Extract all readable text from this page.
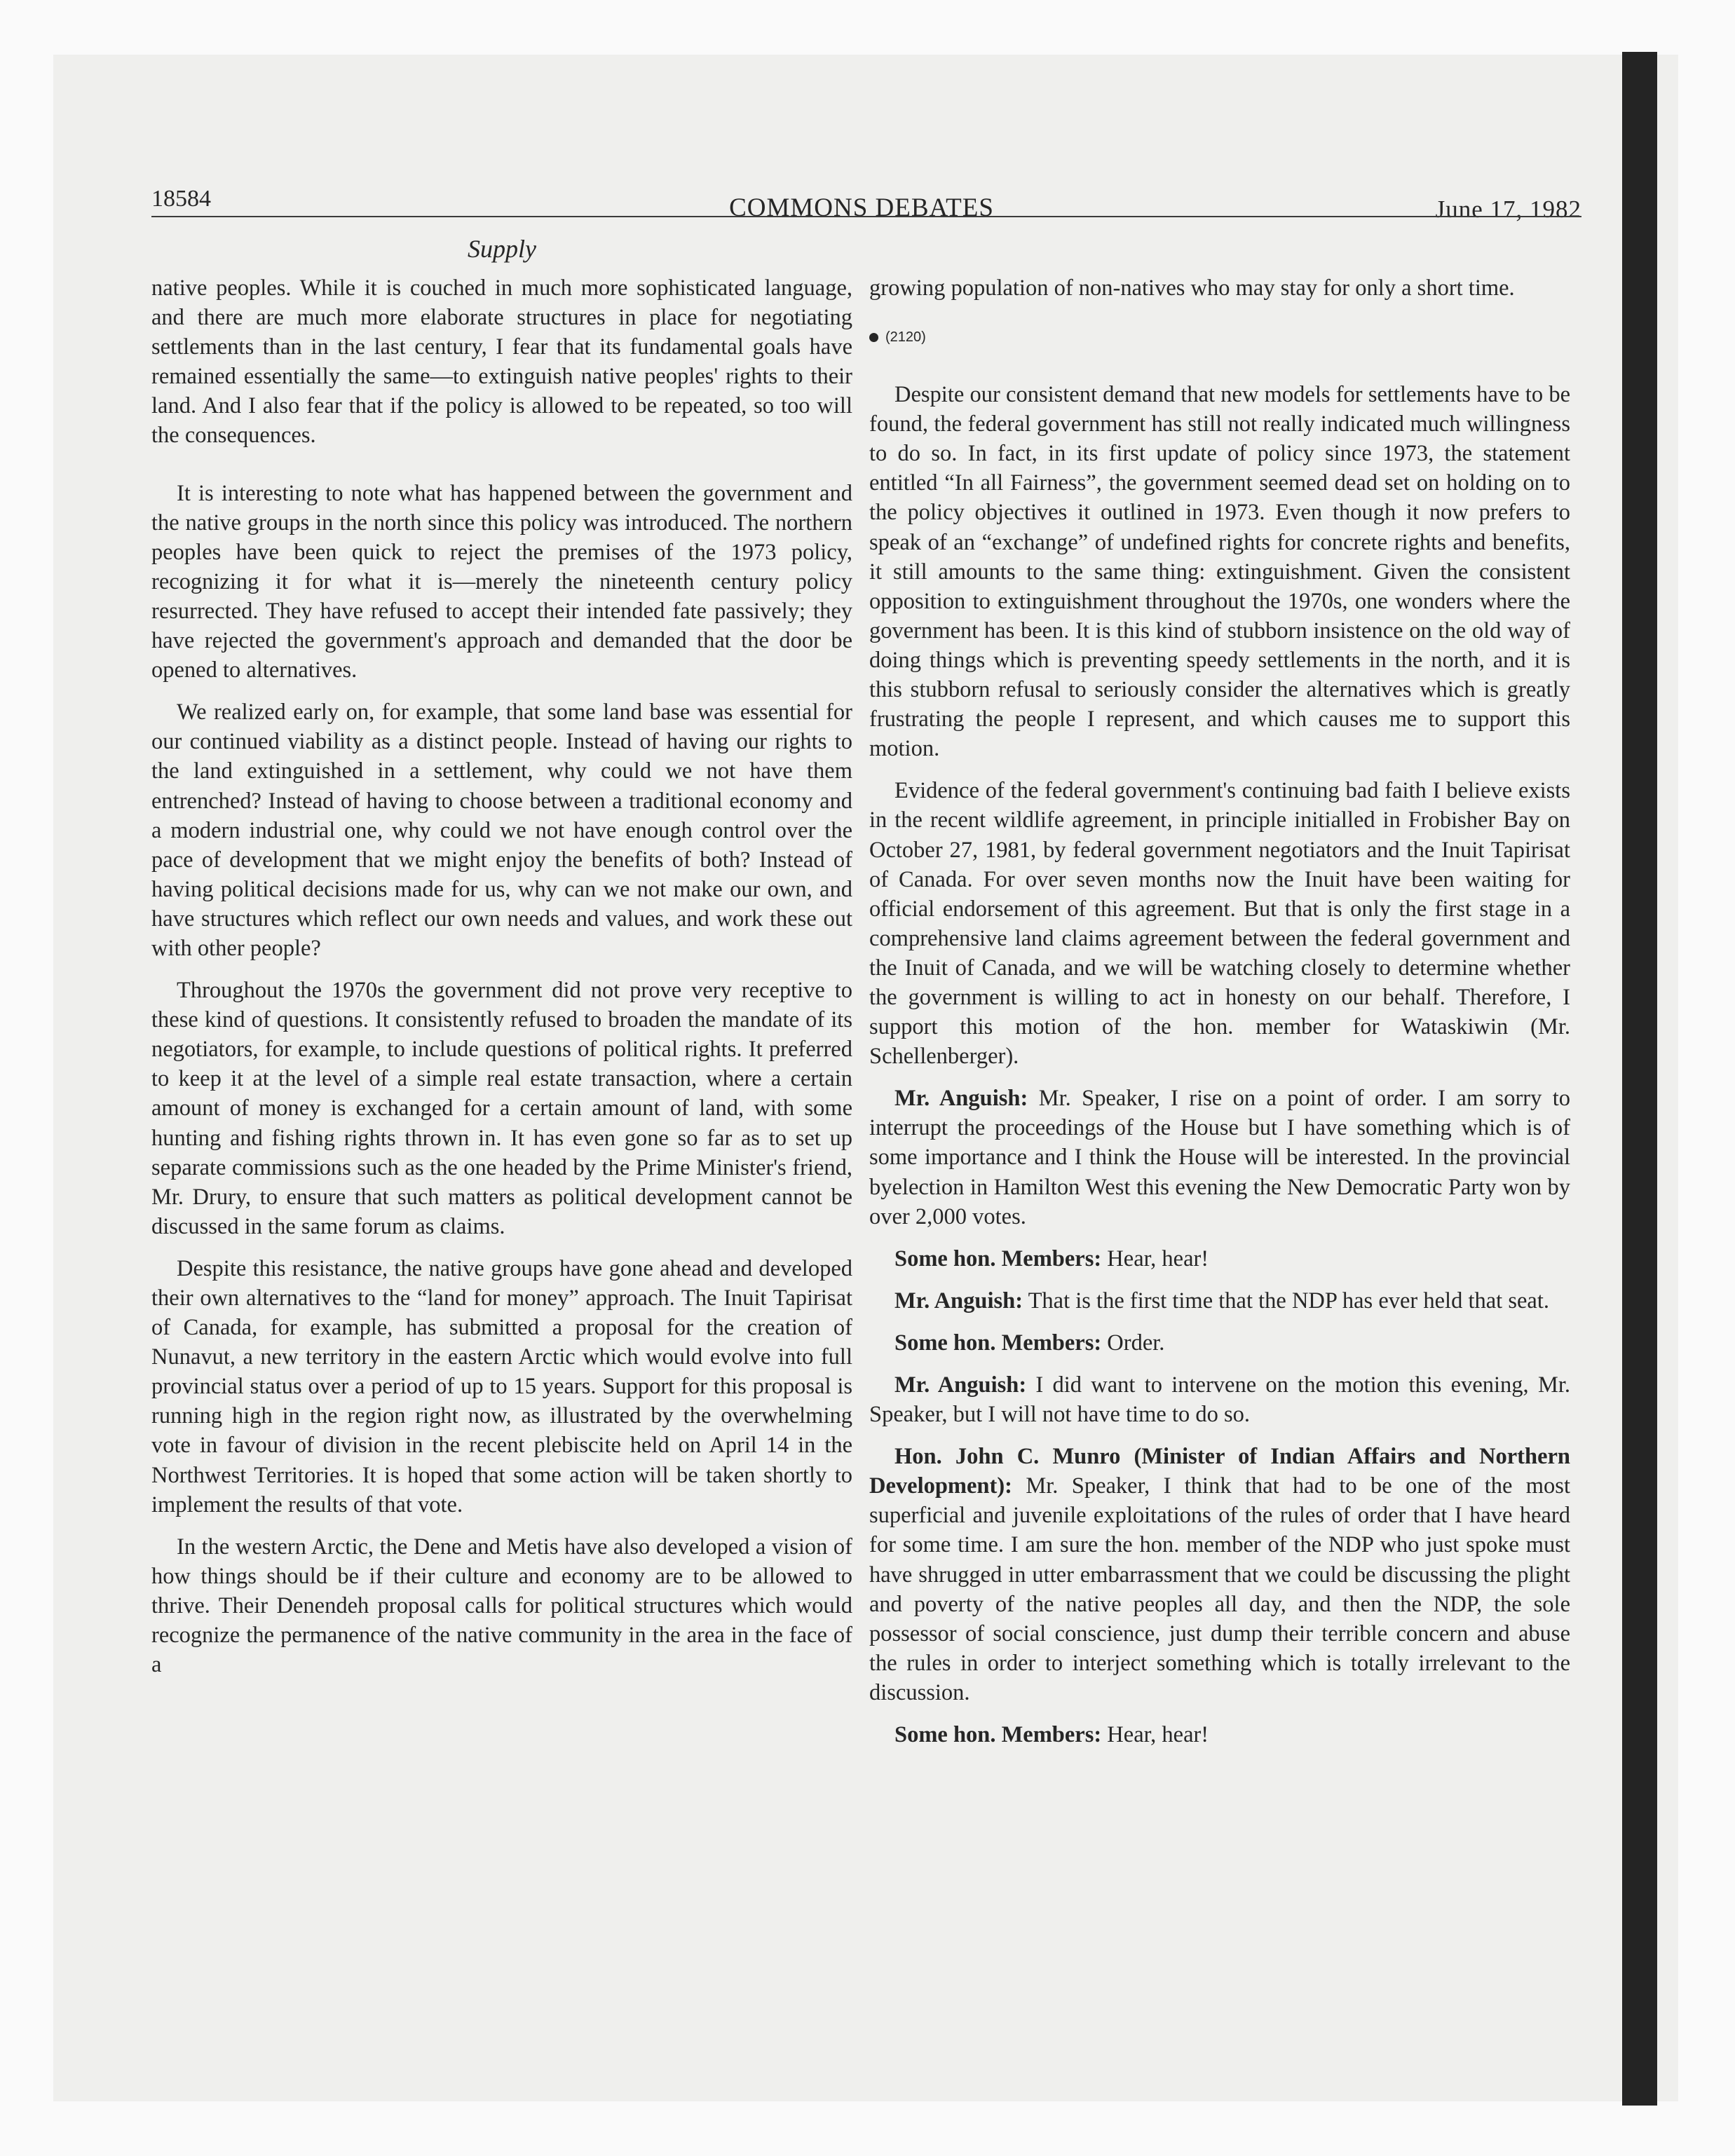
18584	COMMONS DEBATES	June 17, 1982
Supply

native peoples. While it is couched in much more sophisticated language, and there are much more elaborate structures in place for negotiating settlements than in the last century, I fear that its fundamental goals have remained essentially the same—to extinguish native peoples' rights to their land. And I also fear that if the policy is allowed to be repeated, so too will the consequences.

It is interesting to note what has happened between the government and the native groups in the north since this policy was introduced. The northern peoples have been quick to reject the premises of the 1973 policy, recognizing it for what it is—merely the nineteenth century policy resurrected. They have refused to accept their intended fate passively; they have rejected the government's approach and demanded that the door be opened to alternatives.

We realized early on, for example, that some land base was essential for our continued viability as a distinct people. Instead of having our rights to the land extinguished in a settlement, why could we not have them entrenched? Instead of having to choose between a traditional economy and a modern industrial one, why could we not have enough control over the pace of development that we might enjoy the benefits of both? Instead of having political decisions made for us, why can we not make our own, and have structures which reflect our own needs and values, and work these out with other people?

Throughout the 1970s the government did not prove very receptive to these kind of questions. It consistently refused to broaden the mandate of its negotiators, for example, to include questions of political rights. It preferred to keep it at the level of a simple real estate transaction, where a certain amount of money is exchanged for a certain amount of land, with some hunting and fishing rights thrown in. It has even gone so far as to set up separate commissions such as the one headed by the Prime Minister's friend, Mr. Drury, to ensure that such matters as political development cannot be discussed in the same forum as claims.

Despite this resistance, the native groups have gone ahead and developed their own alternatives to the “land for money” approach. The Inuit Tapirisat of Canada, for example, has submitted a proposal for the creation of Nunavut, a new territory in the eastern Arctic which would evolve into full provincial status over a period of up to 15 years. Support for this proposal is running high in the region right now, as illustrated by the overwhelming vote in favour of division in the recent plebiscite held on April 14 in the Northwest Territories. It is hoped that some action will be taken shortly to implement the results of that vote.

In the western Arctic, the Dene and Metis have also developed a vision of how things should be if their culture and economy are to be allowed to thrive. Their Denendeh proposal calls for political structures which would recognize the permanence of the native community in the area in the face of a

growing population of non-natives who may stay for only a short time.

(2120)

Despite our consistent demand that new models for settlements have to be found, the federal government has still not really indicated much willingness to do so. In fact, in its first update of policy since 1973, the statement entitled “In all Fairness”, the government seemed dead set on holding on to the policy objectives it outlined in 1973. Even though it now prefers to speak of an “exchange” of undefined rights for concrete rights and benefits, it still amounts to the same thing: extinguishment. Given the consistent opposition to extinguishment throughout the 1970s, one wonders where the government has been. It is this kind of stubborn insistence on the old way of doing things which is preventing speedy settlements in the north, and it is this stubborn refusal to seriously consider the alternatives which is greatly frustrating the people I represent, and which causes me to support this motion.

Evidence of the federal government's continuing bad faith I believe exists in the recent wildlife agreement, in principle initialled in Frobisher Bay on October 27, 1981, by federal government negotiators and the Inuit Tapirisat of Canada. For over seven months now the Inuit have been waiting for official endorsement of this agreement. But that is only the first stage in a comprehensive land claims agreement between the federal government and the Inuit of Canada, and we will be watching closely to determine whether the government is willing to act in honesty on our behalf. Therefore, I support this motion of the hon. member for Wataskiwin (Mr. Schellenberger).

Mr. Anguish: Mr. Speaker, I rise on a point of order. I am sorry to interrupt the proceedings of the House but I have something which is of some importance and I think the House will be interested. In the provincial byelection in Hamilton West this evening the New Democratic Party won by over 2,000 votes.

Some hon. Members: Hear, hear!

Mr. Anguish: That is the first time that the NDP has ever held that seat.

Some hon. Members: Order.

Mr. Anguish: I did want to intervene on the motion this evening, Mr. Speaker, but I will not have time to do so.

Hon. John C. Munro (Minister of Indian Affairs and Northern Development): Mr. Speaker, I think that had to be one of the most superficial and juvenile exploitations of the rules of order that I have heard for some time. I am sure the hon. member of the NDP who just spoke must have shrugged in utter embarrassment that we could be discussing the plight and poverty of the native peoples all day, and then the NDP, the sole possessor of social conscience, just dump their terrible concern and abuse the rules in order to interject something which is totally irrelevant to the discussion.

Some hon. Members: Hear, hear!
